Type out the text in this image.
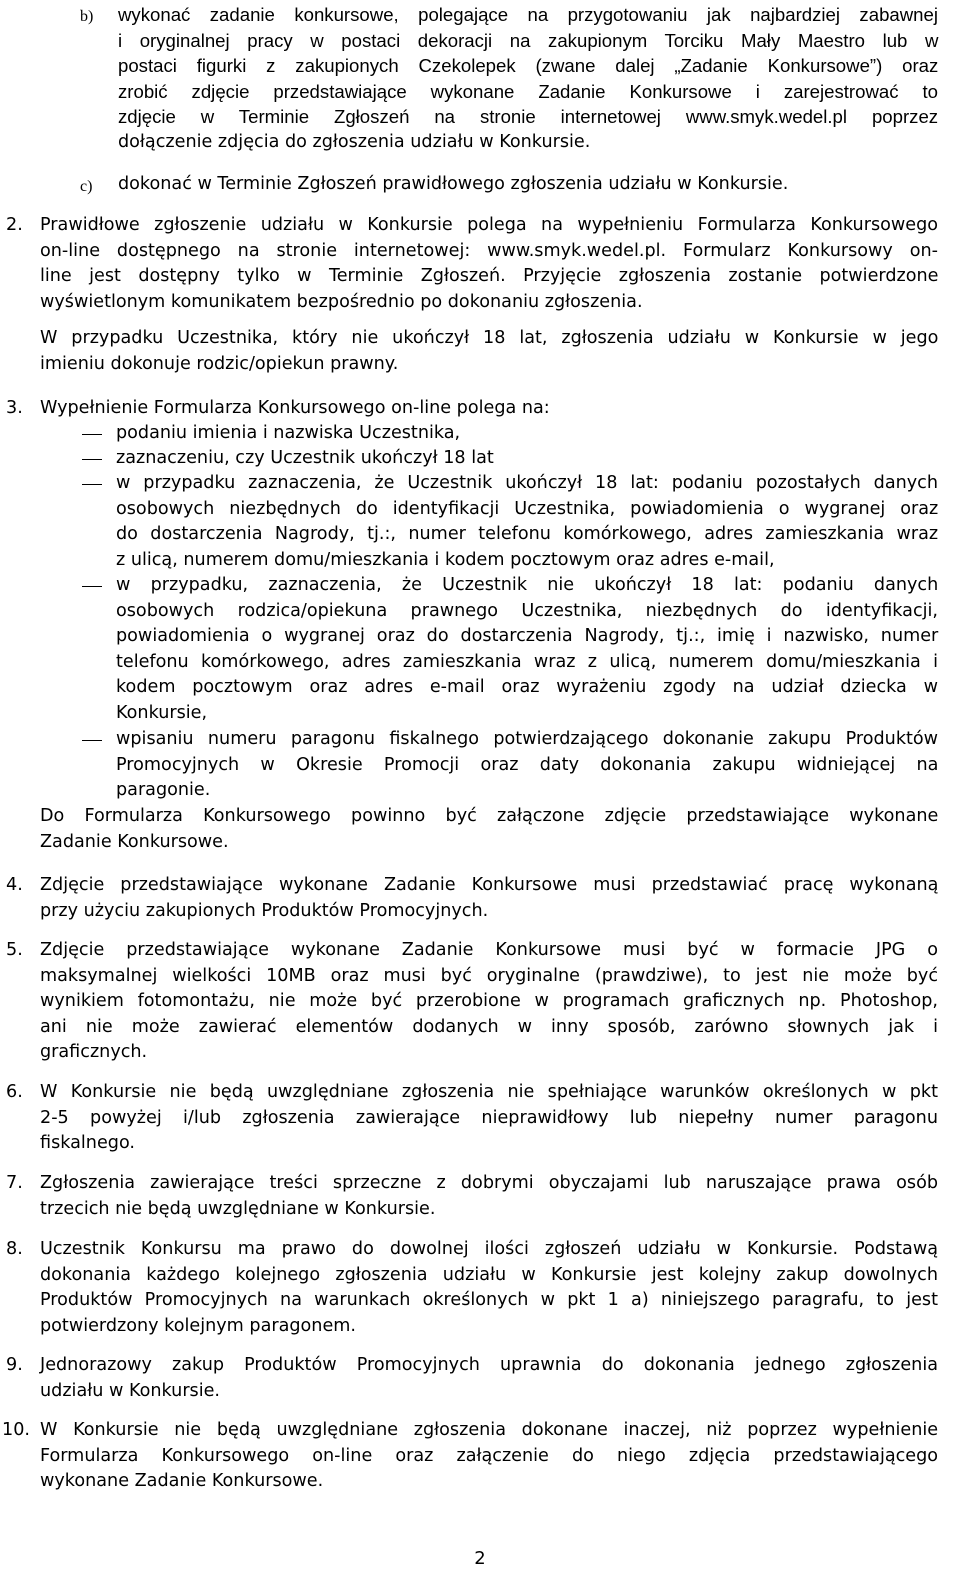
b) wykonać zadanie konkursowe, polegające na przygotowaniu jak najbardziej zabawnej
i oryginalnej pracy w postaci dekoracji na zakupionym Torciku Mały Maestro lub w
postaci figurki z zakupionych Czekolepek (zwane dalej „Zadanie Konkursowe”) oraz
zrobić zdjęcie przedstawiające wykonane Zadanie Konkursowe i zarejestrować to
zdjęcie w Terminie Zgłoszeń na stronie internetowej www.smyk.wedel.pl poprzez
dołączenie zdjęcia do zgłoszenia udziału w Konkursie.
c) dokonać w Terminie Zgłoszeń prawidłowego zgłoszenia udziału w Konkursie.
2. Prawidłowe zgłoszenie udziału w Konkursie polega na wypełnieniu Formularza Konkursowego
on-line dostępnego na stronie internetowej: www.smyk.wedel.pl. Formularz Konkursowy on-
line jest dostępny tylko w Terminie Zgłoszeń. Przyjęcie zgłoszenia zostanie potwierdzone
wyświetlonym komunikatem bezpośrednio po dokonaniu zgłoszenia.
W przypadku Uczestnika, który nie ukończył 18 lat, zgłoszenia udziału w Konkursie w jego
imieniu dokonuje rodzic/opiekun prawny.
3. Wypełnienie Formularza Konkursowego on-line polega na:
podaniu imienia i nazwiska Uczestnika,
zaznaczeniu, czy Uczestnik ukończył 18 lat
w przypadku zaznaczenia, że Uczestnik ukończył 18 lat: podaniu pozostałych danych
osobowych niezbędnych do identyfikacji Uczestnika, powiadomienia o wygranej oraz
do dostarczenia Nagrody, tj.:, numer telefonu komórkowego, adres zamieszkania wraz
z ulicą, numerem domu/mieszkania i kodem pocztowym oraz adres e-mail,
w przypadku, zaznaczenia, że Uczestnik nie ukończył 18 lat: podaniu danych
osobowych rodzica/opiekuna prawnego Uczestnika, niezbędnych do identyfikacji,
powiadomienia o wygranej oraz do dostarczenia Nagrody, tj.:, imię i nazwisko, numer
telefonu komórkowego, adres zamieszkania wraz z ulicą, numerem domu/mieszkania i
kodem pocztowym oraz adres e-mail oraz wyrażeniu zgody na udział dziecka w
Konkursie,
wpisaniu numeru paragonu fiskalnego potwierdzającego dokonanie zakupu Produktów
Promocyjnych w Okresie Promocji oraz daty dokonania zakupu widniejącej na
paragonie.
Do Formularza Konkursowego powinno być załączone zdjęcie przedstawiające wykonane
Zadanie Konkursowe.
4. Zdjęcie przedstawiające wykonane Zadanie Konkursowe musi przedstawiać pracę wykonaną
przy użyciu zakupionych Produktów Promocyjnych.
5. Zdjęcie przedstawiające wykonane Zadanie Konkursowe musi być w formacie JPG o
maksymalnej wielkości 10MB oraz musi być oryginalne (prawdziwe), to jest nie może być
wynikiem fotomontażu, nie może być przerobione w programach graficznych np. Photoshop,
ani nie może zawierać elementów dodanych w inny sposób, zarówno słownych jak i
graficznych.
6. W Konkursie nie będą uwzględniane zgłoszenia nie spełniające warunków określonych w pkt
2-5 powyżej i/lub zgłoszenia zawierające nieprawidłowy lub niepełny numer paragonu
fiskalnego.
7. Zgłoszenia zawierające treści sprzeczne z dobrymi obyczajami lub naruszające prawa osób
trzecich nie będą uwzględniane w Konkursie.
8. Uczestnik Konkursu ma prawo do dowolnej ilości zgłoszeń udziału w Konkursie. Podstawą
dokonania każdego kolejnego zgłoszenia udziału w Konkursie jest kolejny zakup dowolnych
Produktów Promocyjnych na warunkach określonych w pkt 1 a) niniejszego paragrafu, to jest
potwierdzony kolejnym paragonem.
9. Jednorazowy zakup Produktów Promocyjnych uprawnia do dokonania jednego zgłoszenia
udziału w Konkursie.
10. W Konkursie nie będą uwzględniane zgłoszenia dokonane inaczej, niż poprzez wypełnienie
Formularza Konkursowego on-line oraz załączenie do niego zdjęcia przedstawiającego
wykonane Zadanie Konkursowe.
2
